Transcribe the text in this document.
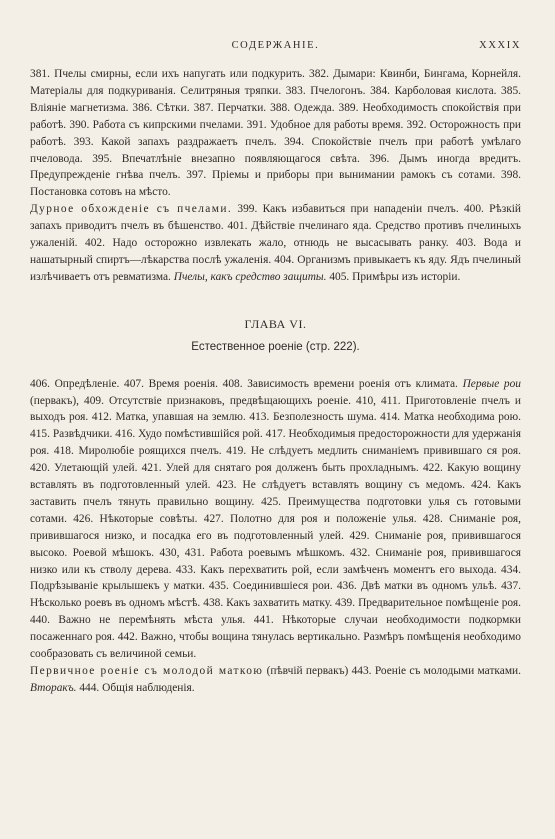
СОДЕРЖАНІЕ.	XXXIX

381. Пчелы смирны, если ихъ напугать или подкурить. 382. Дымари: Квинби, Бингама, Корнейля. Матеріалы для подкуриванія. Селитряныя тряпки. 383. Пчелогонъ. 384. Карболовая кислота. 385. Вліяніе магнетизма. 386. Сѣтки. 387. Перчатки. 388. Одежда. 389. Необходимость спокойствія при работѣ. 390. Работа съ кипрскими пчелами. 391. Удобное для работы время. 392. Осторожность при работѣ. 393. Какой запахъ раздражаетъ пчелъ. 394. Спокойствіе пчелъ при работѣ умѣлаго пчеловода. 395. Впечатлѣніе внезапно появляющагося свѣта. 396. Дымъ иногда вредитъ. Предупрежденіе гнѣва пчелъ. 397. Пріемы и приборы при вынимании рамокъ съ сотами. 398. Постановка сотовъ на мѣсто.

Дурное обхожденіе съ пчелами. 399. Какъ избавиться при нападеніи пчелъ. 400. Рѣзкій запахъ приводитъ пчелъ въ бѣшенство. 401. Дѣйствіе пчелинаго яда. Средство противъ пчелиныхъ ужаленій. 402. Надо осторожно извлекать жало, отнюдь не высасывать ранку. 403. Вода и нашатырный спиртъ—лѣкарства послѣ ужаленія. 404. Организмъ привыкаетъ къ яду. Ядъ пчелиный излѣчиваетъ отъ ревматизма. Пчелы, какъ средство защиты. 405. Примѣры изъ исторіи.

ГЛАВА VI.
Естественное роеніе (стр. 222).

406. Опредѣленіе. 407. Время роенія. 408. Зависимость времени роенія отъ климата. Первые рои (первакъ), 409. Отсутствіе признаковъ, предвѣщающихъ роеніе. 410, 411. Приготовленіе пчелъ и выходъ роя. 412. Матка, упавшая на землю. 413. Безполезность шума. 414. Матка необходима рою. 415. Развѣдчики. 416. Худо помѣстившійся рой. 417. Необходимыя предосторожности для удержанія роя. 418. Миролюбіе роящихся пчелъ. 419. Не слѣдуетъ медлить сниманіемъ привившаго ся роя. 420. Улетающій улей. 421. Улей для снятаго роя долженъ быть прохладнымъ. 422. Какую вощину вставлять въ подготовленный улей. 423. Не слѣдуетъ вставлять вощину съ медомъ. 424. Какъ заставить пчелъ тянуть правильно вощину. 425. Преимущества подготовки улья съ готовыми сотами. 426. Нѣкоторые совѣты. 427. Полотно для роя и положеніе улья. 428. Сниманіе роя, привившагося низко, и посадка его въ подготовленный улей. 429. Сниманіе роя, привившагося высоко. Роевой мѣшокъ. 430, 431. Работа роевымъ мѣшкомъ. 432. Сниманіе роя, привившагося низко или къ стволу дерева. 433. Какъ перехватить рой, если замѣченъ моментъ его выхода. 434. Подрѣзываніе крылышекъ у матки. 435. Соединившіеся рои. 436. Двѣ матки въ одномъ ульѣ. 437. Нѣсколько роевъ въ одномъ мѣстѣ. 438. Какъ захватить матку. 439. Предварительное помѣщеніе роя. 440. Важно не перемѣнять мѣста улья. 441. Нѣкоторые случаи необходимости подкормки посаженнаго роя. 442. Важно, чтобы вощина тянулась вертикально. Размѣръ помѣщенія необходимо сообразовать съ величиной семьи.

Первичное роеніе съ молодой маткою (пѣвчій первакъ) 443. Роеніе съ молодыми матками. Вторакъ. 444. Общія наблюденія.
